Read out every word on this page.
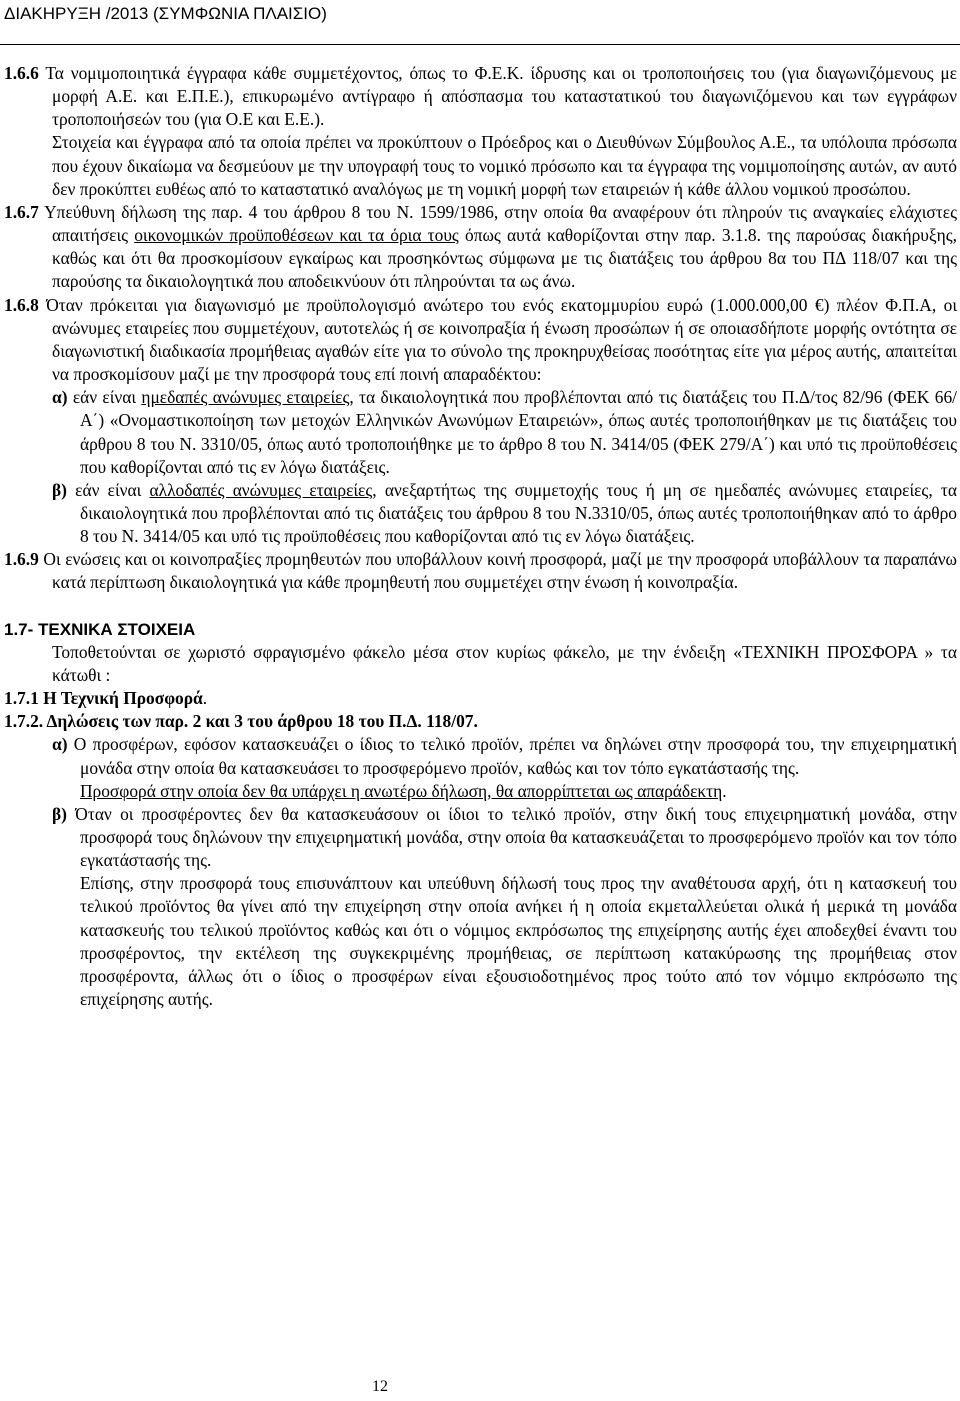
ΔΙΑΚΗΡΥΞΗ /2013 (ΣΥΜΦΩΝΙΑ ΠΛΑΙΣΙΟ)

1.6.6 Τα νομιμοποιητικά έγγραφα κάθε συμμετέχοντος, όπως το Φ.Ε.Κ. ίδρυσης και οι τροποποιήσεις του (για διαγωνιζόμενους με μορφή Α.Ε. και Ε.Π.Ε.), επικυρωμένο αντίγραφο ή απόσπασμα του καταστατικού του διαγωνιζόμενου και των εγγράφων τροποποιήσεών του (για Ο.Ε και Ε.Ε.).

Στοιχεία και έγγραφα από τα οποία πρέπει να προκύπτουν ο Πρόεδρος και ο Διευθύνων Σύμβουλος Α.Ε., τα υπόλοιπα πρόσωπα που έχουν δικαίωμα να δεσμεύουν με την υπογραφή τους το νομικό πρόσωπο και τα έγγραφα της νομιμοποίησης αυτών, αν αυτό δεν προκύπτει ευθέως από το καταστατικό αναλόγως με τη νομική μορφή των εταιρειών ή κάθε άλλου νομικού προσώπου.

1.6.7 Υπεύθυνη δήλωση της παρ. 4 του άρθρου 8 του Ν. 1599/1986, στην οποία θα αναφέρουν ότι πληρούν τις αναγκαίες ελάχιστες απαιτήσεις οικονομικών προϋποθέσεων και τα όρια τους όπως αυτά καθορίζονται στην παρ. 3.1.8. της παρούσας διακήρυξης, καθώς και ότι θα προσκομίσουν εγκαίρως και προσηκόντως σύμφωνα με τις διατάξεις του άρθρου 8α του ΠΔ 118/07 και της παρούσης τα δικαιολογητικά που αποδεικνύουν ότι πληρούνται τα ως άνω.

1.6.8 Όταν πρόκειται για διαγωνισμό με προϋπολογισμό ανώτερο του ενός εκατομμυρίου ευρώ (1.000.000,00 €) πλέον Φ.Π.Α, οι ανώνυμες εταιρείες που συμμετέχουν, αυτοτελώς ή σε κοινοπραξία ή ένωση προσώπων ή σε οποιασδήποτε μορφής οντότητα σε διαγωνιστική διαδικασία προμήθειας αγαθών είτε για το σύνολο της προκηρυχθείσας ποσότητας είτε για μέρος αυτής, απαιτείται να προσκομίσουν μαζί με την προσφορά τους επί ποινή απαραδέκτου:

α) εάν είναι ημεδαπές ανώνυμες εταιρείες, τα δικαιολογητικά που προβλέπονται από τις διατάξεις του Π.Δ/τος 82/96 (ΦΕΚ 66/Α΄) «Ονομαστικοποίηση των μετοχών Ελληνικών Ανωνύμων Εταιρειών», όπως αυτές τροποποιήθηκαν με τις διατάξεις του άρθρου 8 του Ν. 3310/05, όπως αυτό τροποποιήθηκε με το άρθρο 8 του Ν. 3414/05 (ΦΕΚ 279/Α΄) και υπό τις προϋποθέσεις που καθορίζονται από τις εν λόγω διατάξεις.

β) εάν είναι αλλοδαπές ανώνυμες εταιρείες, ανεξαρτήτως της συμμετοχής τους ή μη σε ημεδαπές ανώνυμες εταιρείες, τα δικαιολογητικά που προβλέπονται από τις διατάξεις του άρθρου 8 του Ν.3310/05, όπως αυτές τροποποιήθηκαν από το άρθρο 8 του Ν. 3414/05 και υπό τις προϋποθέσεις που καθορίζονται από τις εν λόγω διατάξεις.

1.6.9 Οι ενώσεις και οι κοινοπραξίες προμηθευτών που υποβάλλουν κοινή προσφορά, μαζί με την προσφορά υποβάλλουν τα παραπάνω κατά περίπτωση δικαιολογητικά για κάθε προμηθευτή που συμμετέχει στην ένωση ή κοινοπραξία.

1.7- ΤΕΧΝΙΚΑ ΣΤΟΙΧΕΙΑ

Τοποθετούνται σε χωριστό σφραγισμένο φάκελο μέσα στον κυρίως φάκελο, με την ένδειξη «ΤΕΧΝΙΚΗ ΠΡΟΣΦΟΡΑ » τα κάτωθι :

1.7.1 Η Τεχνική Προσφορά.

1.7.2. Δηλώσεις των παρ. 2 και 3 του άρθρου 18 του Π.Δ. 118/07.

α) Ο προσφέρων, εφόσον κατασκευάζει ο ίδιος το τελικό προϊόν, πρέπει να δηλώνει στην προσφορά του, την επιχειρηματική μονάδα στην οποία θα κατασκευάσει το προσφερόμενο προϊόν, καθώς και τον τόπο εγκατάστασής της.

Προσφορά στην οποία δεν θα υπάρχει η ανωτέρω δήλωση, θα απορρίπτεται ως απαράδεκτη.

β) Όταν οι προσφέροντες δεν θα κατασκευάσουν οι ίδιοι το τελικό προϊόν, στην δική τους επιχειρηματική μονάδα, στην προσφορά τους δηλώνουν την επιχειρηματική μονάδα, στην οποία θα κατασκευάζεται το προσφερόμενο προϊόν και τον τόπο εγκατάστασής της.

Επίσης, στην προσφορά τους επισυνάπτουν και υπεύθυνη δήλωσή τους προς την αναθέτουσα αρχή, ότι η κατασκευή του τελικού προϊόντος θα γίνει από την επιχείρηση στην οποία ανήκει ή η οποία εκμεταλλεύεται ολικά ή μερικά τη μονάδα κατασκευής του τελικού προϊόντος καθώς και ότι ο νόμιμος εκπρόσωπος της επιχείρησης αυτής έχει αποδεχθεί έναντι του προσφέροντος, την εκτέλεση της συγκεκριμένης προμήθειας, σε περίπτωση κατακύρωσης της προμήθειας στον προσφέροντα, άλλως ότι ο ίδιος ο προσφέρων είναι εξουσιοδοτημένος προς τούτο από τον νόμιμο εκπρόσωπο της επιχείρησης αυτής.

12
